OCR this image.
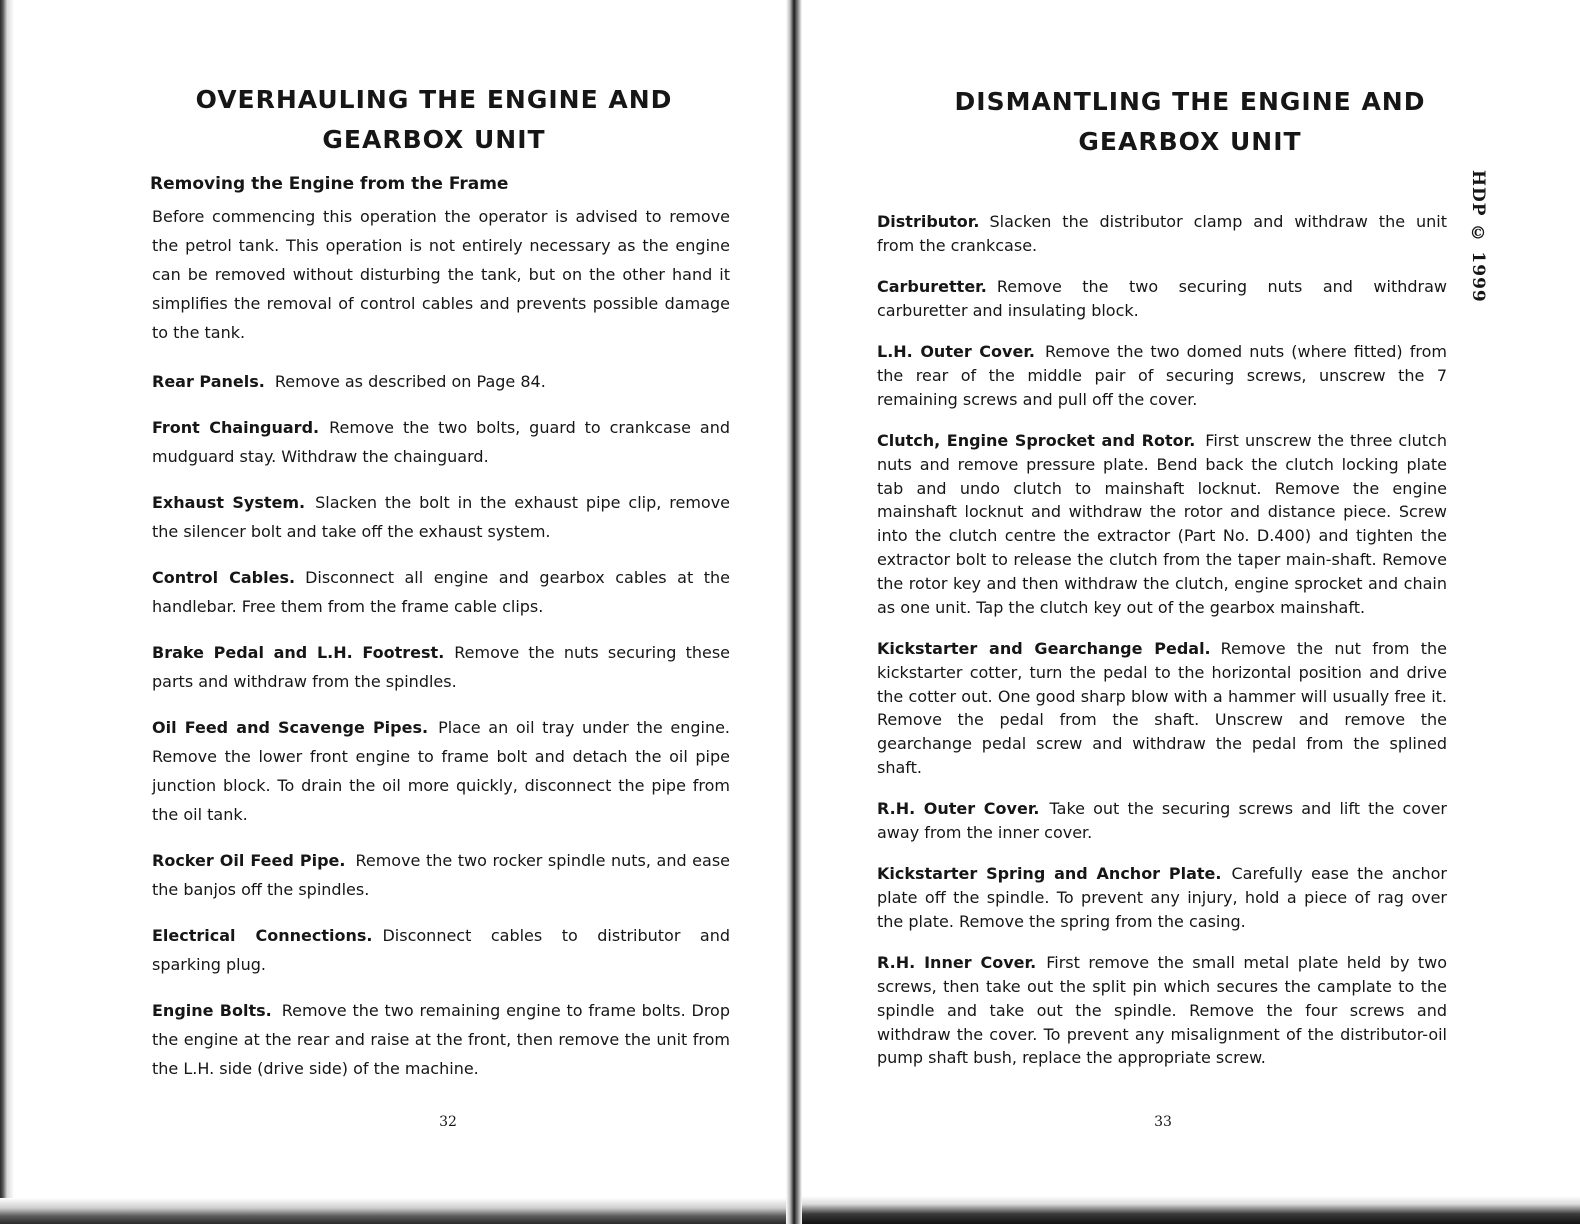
OVERHAULING THE ENGINE AND
GEARBOX UNIT
Removing the Engine from the Frame

Before commencing this operation the operator is advised to remove the petrol tank. This operation is not entirely necessary as the engine can be removed without disturbing the tank, but on the other hand it simplifies the removal of control cables and prevents possible damage to the tank.

Rear Panels. Remove as described on Page 84.

Front Chainguard. Remove the two bolts, guard to crankcase and mudguard stay. Withdraw the chainguard.

Exhaust System. Slacken the bolt in the exhaust pipe clip, remove the silencer bolt and take off the exhaust system.

Control Cables. Disconnect all engine and gearbox cables at the handlebar. Free them from the frame cable clips.

Brake Pedal and L.H. Footrest. Remove the nuts securing these parts and withdraw from the spindles.

Oil Feed and Scavenge Pipes. Place an oil tray under the engine. Remove the lower front engine to frame bolt and detach the oil pipe junction block. To drain the oil more quickly, disconnect the pipe from the oil tank.

Rocker Oil Feed Pipe. Remove the two rocker spindle nuts, and ease the banjos off the spindles.

Electrical Connections. Disconnect cables to distributor and sparking plug.

Engine Bolts. Remove the two remaining engine to frame bolts. Drop the engine at the rear and raise at the front, then remove the unit from the L.H. side (drive side) of the machine.

32
DISMANTLING THE ENGINE AND
GEARBOX UNIT

Distributor. Slacken the distributor clamp and withdraw the unit from the crankcase.

Carburetter. Remove the two securing nuts and withdraw carburetter and insulating block.

L.H. Outer Cover. Remove the two domed nuts (where fitted) from the rear of the middle pair of securing screws, unscrew the 7 remaining screws and pull off the cover.

Clutch, Engine Sprocket and Rotor. First unscrew the three clutch nuts and remove pressure plate. Bend back the clutch locking plate tab and undo clutch to mainshaft locknut. Remove the engine mainshaft locknut and withdraw the rotor and distance piece. Screw into the clutch centre the extractor (Part No. D.400) and tighten the extractor bolt to release the clutch from the taper main-shaft. Remove the rotor key and then withdraw the clutch, engine sprocket and chain as one unit. Tap the clutch key out of the gearbox mainshaft.

Kickstarter and Gearchange Pedal. Remove the nut from the kickstarter cotter, turn the pedal to the horizontal position and drive the cotter out. One good sharp blow with a hammer will usually free it. Remove the pedal from the shaft. Unscrew and remove the gearchange pedal screw and withdraw the pedal from the splined shaft.

R.H. Outer Cover. Take out the securing screws and lift the cover away from the inner cover.

Kickstarter Spring and Anchor Plate. Carefully ease the anchor plate off the spindle. To prevent any injury, hold a piece of rag over the plate. Remove the spring from the casing.

R.H. Inner Cover. First remove the small metal plate held by two screws, then take out the split pin which secures the camplate to the spindle and take out the spindle. Remove the four screws and withdraw the cover. To prevent any misalignment of the distributor-oil pump shaft bush, replace the appropriate screw.

33
HDP © 1999
